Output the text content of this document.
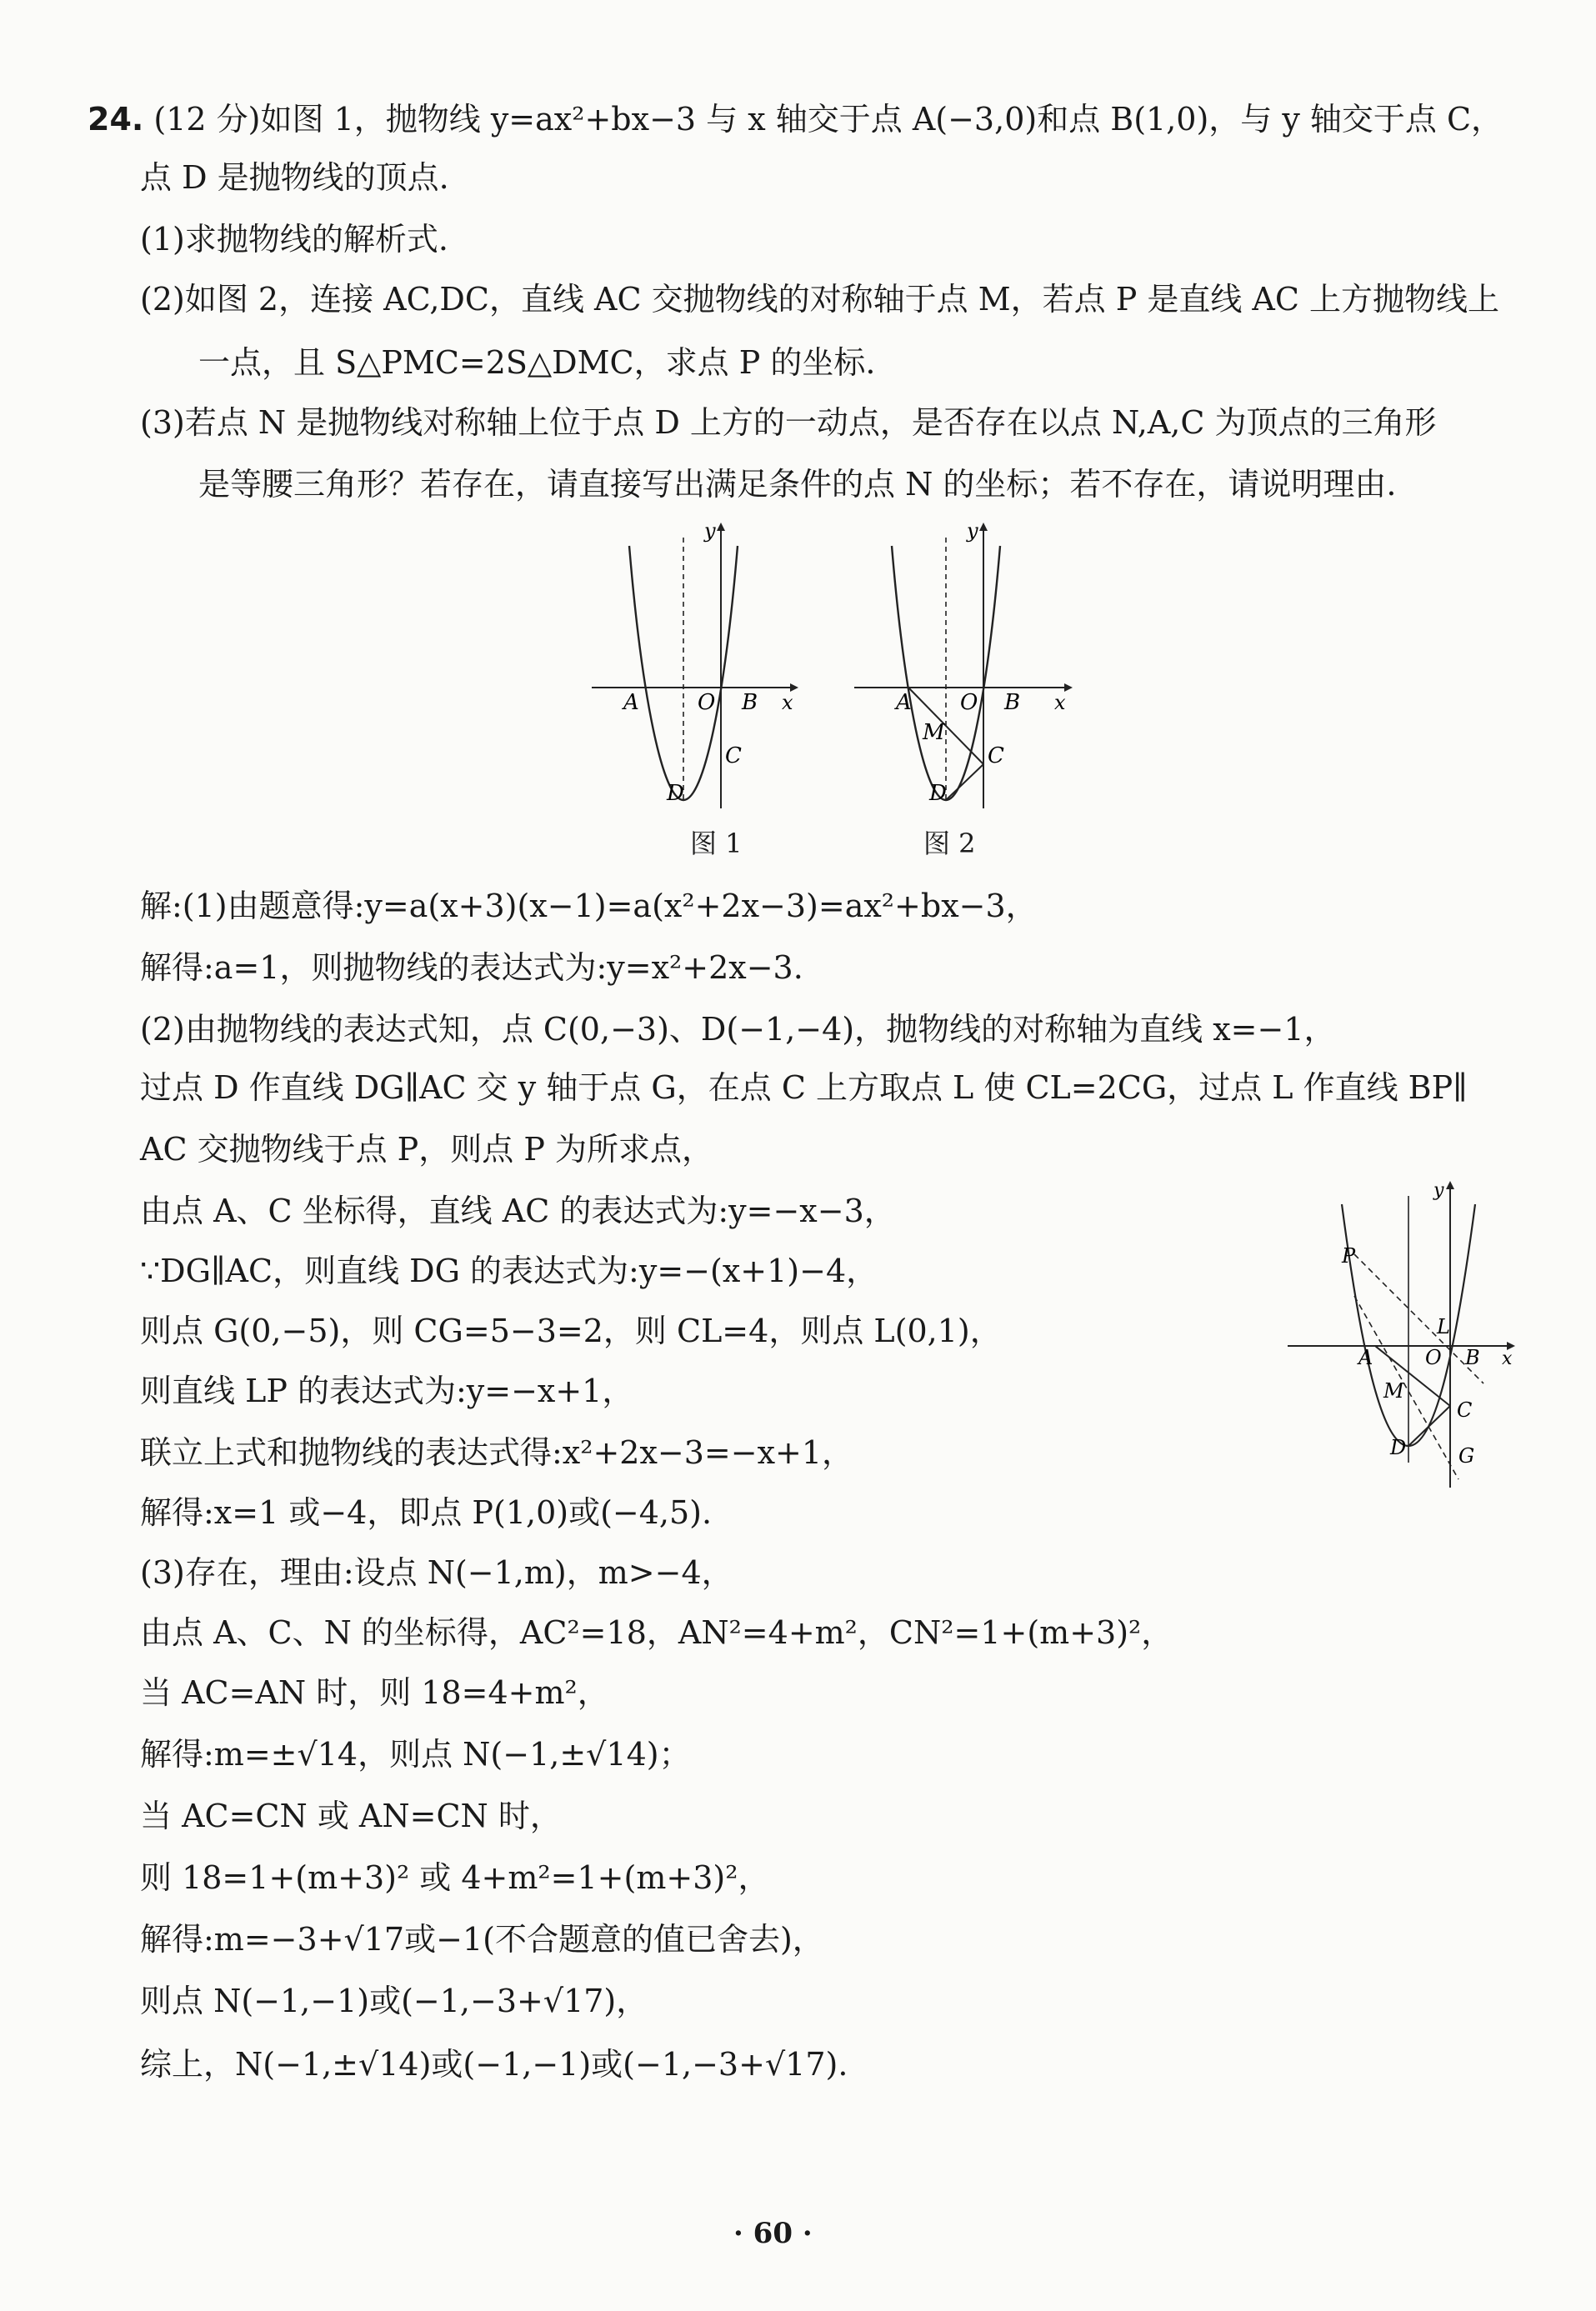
24. (12 分)如图 1，抛物线 y=ax²+bx−3 与 x 轴交于点 A(−3,0)和点 B(1,0)，与 y 轴交于点 C，
点 D 是抛物线的顶点.
(1)求抛物线的解析式.
(2)如图 2，连接 AC,DC，直线 AC 交抛物线的对称轴于点 M，若点 P 是直线 AC 上方抛物线上
一点，且 S△PMC=2S△DMC，求点 P 的坐标.
(3)若点 N 是抛物线对称轴上位于点 D 上方的一动点，是否存在以点 N,A,C 为顶点的三角形
是等腰三角形？若存在，请直接写出满足条件的点 N 的坐标；若不存在，请说明理由.
A	O B x
y
C
D
图 1
A O B x
y
M
C
D
图 2
解:(1)由题意得:y=a(x+3)(x−1)=a(x²+2x−3)=ax²+bx−3，
解得:a=1，则抛物线的表达式为:y=x²+2x−3.
(2)由抛物线的表达式知，点 C(0,−3)、D(−1,−4)，抛物线的对称轴为直线 x=−1，
过点 D 作直线 DG∥AC 交 y 轴于点 G，在点 C 上方取点 L 使 CL=2CG，过点 L 作直线 BP∥
AC 交抛物线于点 P，则点 P 为所求点，
由点 A、C 坐标得，直线 AC 的表达式为:y=−x−3，
∵DG∥AC，则直线 DG 的表达式为:y=−(x+1)−4，
则点 G(0,−5)，则 CG=5−3=2，则 CL=4，则点 L(0,1)，
则直线 LP 的表达式为:y=−x+1，
联立上式和抛物线的表达式得:x²+2x−3=−x+1，
解得:x=1 或−4，即点 P(1,0)或(−4,5).
(3)存在，理由:设点 N(−1,m)，m>−4，
由点 A、C、N 的坐标得，AC²=18，AN²=4+m²，CN²=1+(m+3)²，
当 AC=AN 时，则 18=4+m²，
解得:m=±√14，则点 N(−1,±√14)；
当 AC=CN 或 AN=CN 时，
则 18=1+(m+3)² 或 4+m²=1+(m+3)²，
解得:m=−3+√17或−1(不合题意的值已舍去)，
则点 N(−1,−1)或(−1,−3+√17)，
综上，N(−1,±√14)或(−1,−1)或(−1,−3+√17).
P
y
L
A	O B x
M
C
D	G
· 60 ·
